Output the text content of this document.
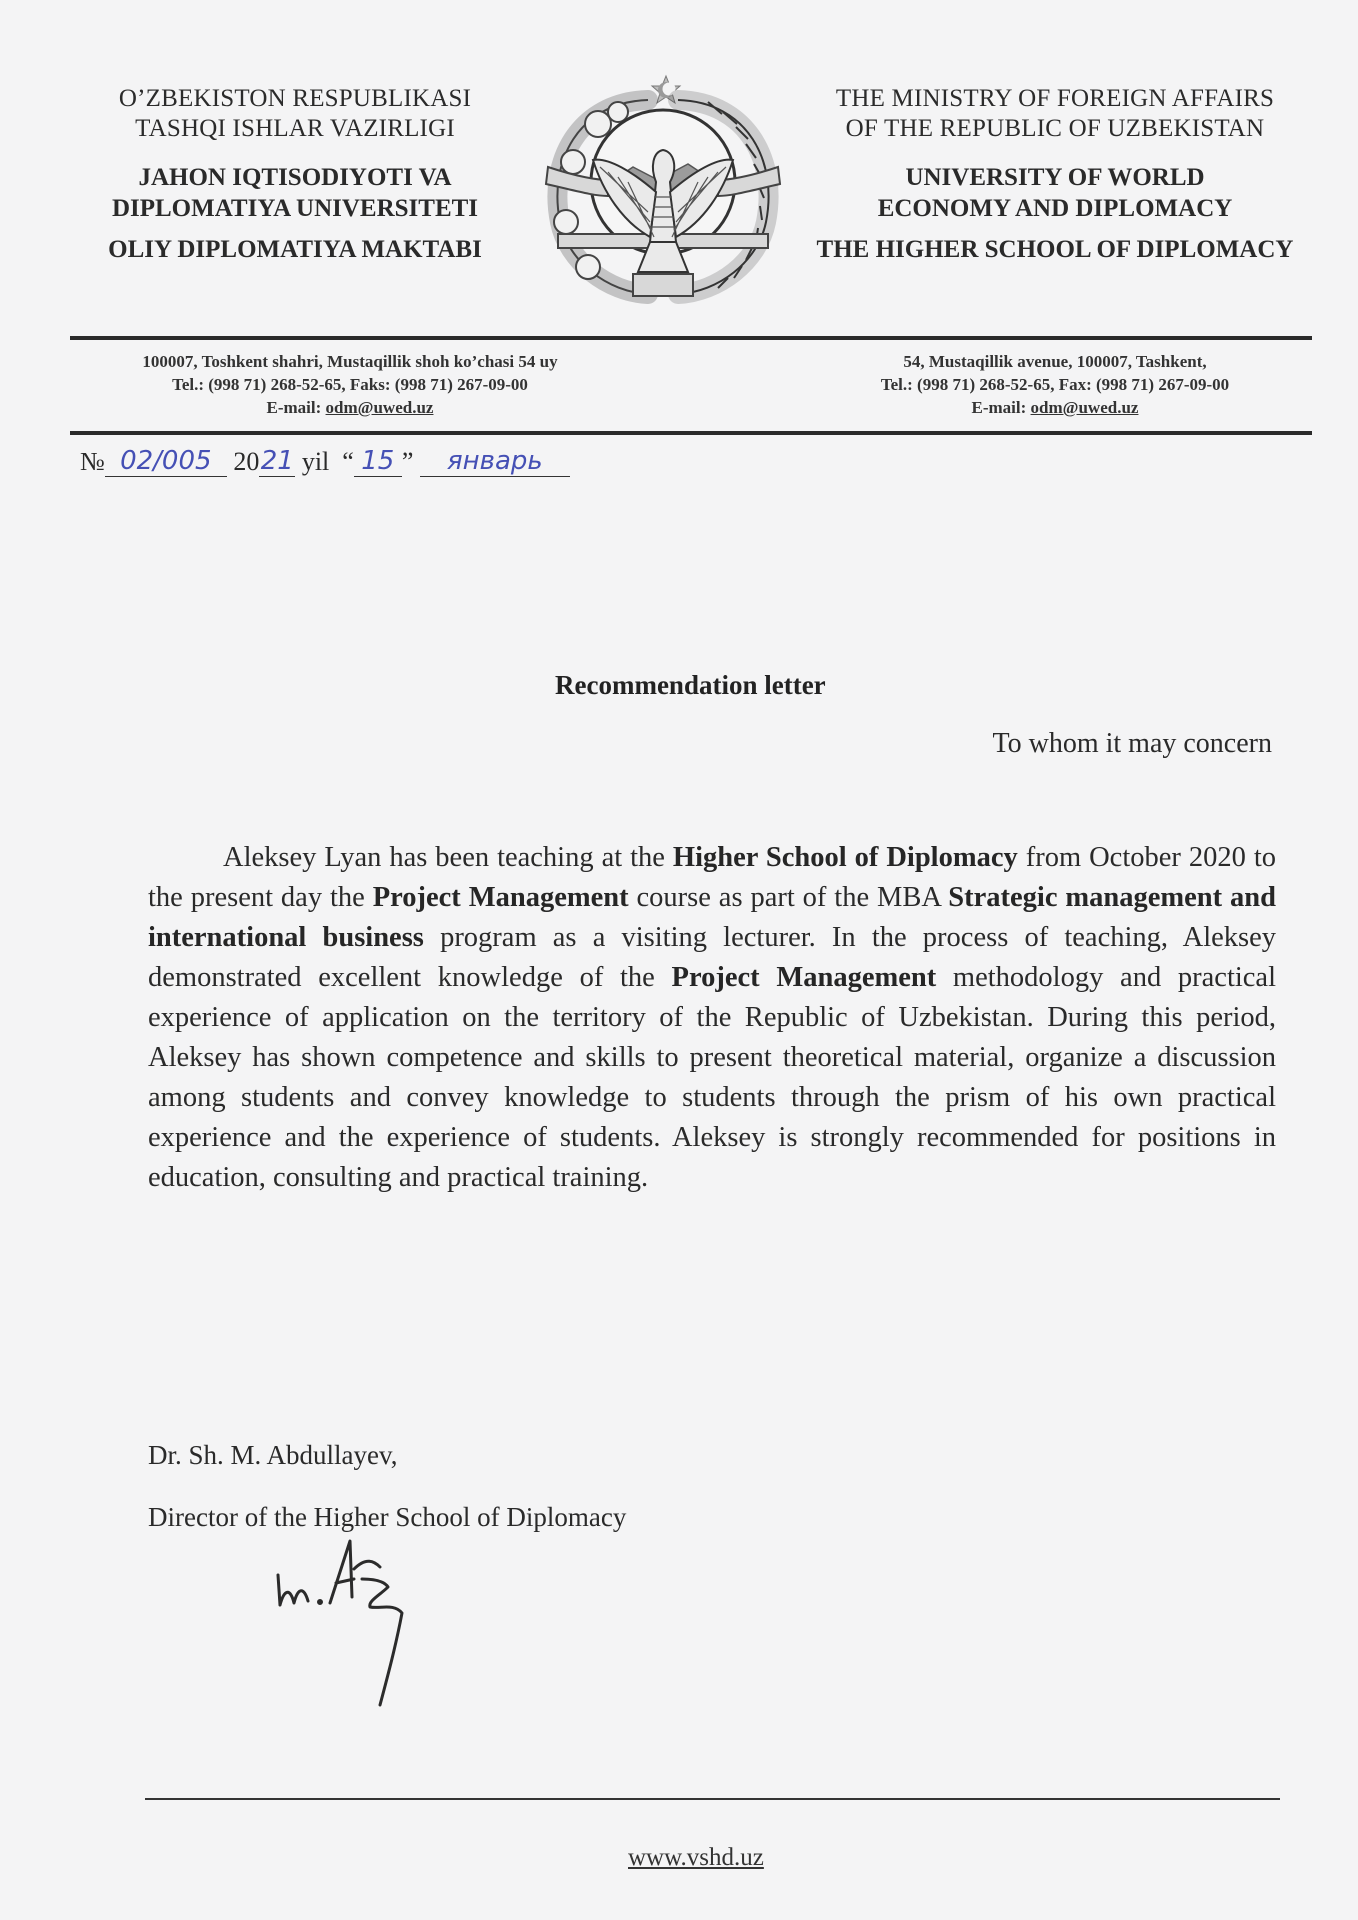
O’ZBEKISTON RESPUBLIKASI
TASHQI ISHLAR VAZIRLIGI
JAHON IQTISODIYOTI VA
DIPLOMATIYA UNIVERSITETI
OLIY DIPLOMATIYA MAKTABI
THE MINISTRY OF FOREIGN AFFAIRS
OF THE REPUBLIC OF UZBEKISTAN
UNIVERSITY OF WORLD
ECONOMY AND DIPLOMACY
THE HIGHER SCHOOL OF DIPLOMACY
100007, Toshkent shahri, Mustaqillik shoh ko’chasi 54 uy
Tel.: (998 71) 268-52-65, Faks: (998 71) 267-09-00
E-mail: odm@uwed.uz
54, Mustaqillik avenue, 100007, Tashkent,
Tel.: (998 71) 268-52-65, Fax: (998 71) 267-09-00
E-mail: odm@uwed.uz
№ 02/005 2021 yil “ 15 ” январь
Recommendation letter
To whom it may concern
Aleksey Lyan has been teaching at the Higher School of Diplomacy from October 2020 to the present day the Project Management course as part of the MBA Strategic management and international business program as a visiting lecturer. In the process of teaching, Aleksey demonstrated excellent knowledge of the Project Management methodology and practical experience of application on the territory of the Republic of Uzbekistan. During this period, Aleksey has shown competence and skills to present theoretical material, organize a discussion among students and convey knowledge to students through the prism of his own practical experience and the experience of students. Aleksey is strongly recommended for positions in education, consulting and practical training.
Dr. Sh. M. Abdullayev,
Director of the Higher School of Diplomacy
www.vshd.uz
